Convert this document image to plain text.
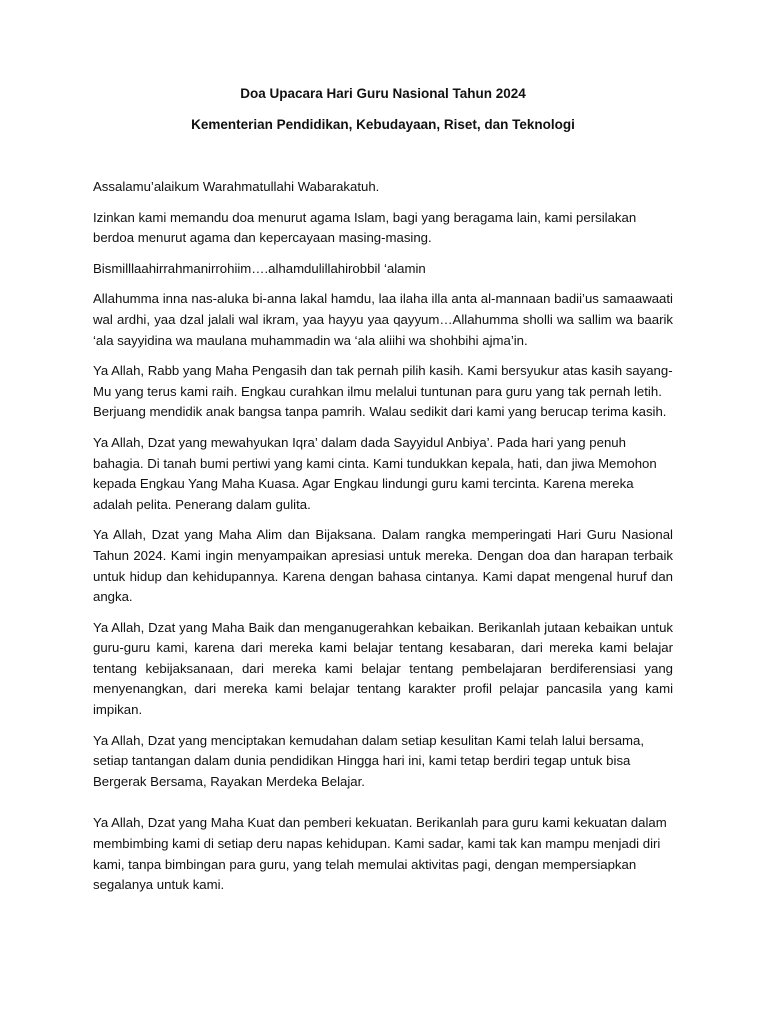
Doa Upacara Hari Guru Nasional Tahun 2024

Kementerian Pendidikan, Kebudayaan, Riset, dan Teknologi

Assalamu’alaikum Warahmatullahi Wabarakatuh.

Izinkan kami memandu doa menurut agama Islam, bagi yang beragama lain, kami persilakan berdoa menurut agama dan kepercayaan masing-masing.

Bismilllaahirrahmanirrohiim….alhamdulillahirobbil ‘alamin

Allahumma inna nas-aluka bi-anna lakal hamdu, laa ilaha illa anta al-mannaan badii’us samaawaati wal ardhi, yaa dzal jalali wal ikram, yaa hayyu yaa qayyum…Allahumma sholli wa sallim wa baarik ‘ala sayyidina wa maulana muhammadin wa ‘ala aliihi wa shohbihi ajma’in.

Ya Allah, Rabb yang Maha Pengasih dan tak pernah pilih kasih. Kami bersyukur atas kasih sayang-Mu yang terus kami raih. Engkau curahkan ilmu melalui tuntunan para guru yang tak pernah letih. Berjuang mendidik anak bangsa tanpa pamrih. Walau sedikit dari kami yang berucap terima kasih.

Ya Allah, Dzat yang mewahyukan Iqra’ dalam dada Sayyidul Anbiya’. Pada hari yang penuh bahagia. Di tanah bumi pertiwi yang kami cinta. Kami tundukkan kepala, hati, dan jiwa Memohon kepada Engkau Yang Maha Kuasa. Agar Engkau lindungi guru kami tercinta. Karena mereka adalah pelita. Penerang dalam gulita.

Ya Allah, Dzat yang Maha Alim dan Bijaksana. Dalam rangka memperingati Hari Guru Nasional Tahun 2024. Kami ingin menyampaikan apresiasi untuk mereka. Dengan doa dan harapan terbaik untuk hidup dan kehidupannya. Karena dengan bahasa cintanya. Kami dapat mengenal huruf dan angka.

Ya Allah, Dzat yang Maha Baik dan menganugerahkan kebaikan. Berikanlah jutaan kebaikan untuk guru-guru kami, karena dari mereka kami belajar tentang kesabaran, dari mereka kami belajar tentang kebijaksanaan, dari mereka kami belajar tentang pembelajaran berdiferensiasi yang menyenangkan, dari mereka kami belajar tentang karakter profil pelajar pancasila yang kami impikan.

Ya Allah, Dzat yang menciptakan kemudahan dalam setiap kesulitan Kami telah lalui bersama, setiap tantangan dalam dunia pendidikan Hingga hari ini, kami tetap berdiri tegap untuk bisa Bergerak Bersama, Rayakan Merdeka Belajar.

Ya Allah, Dzat yang Maha Kuat dan pemberi kekuatan. Berikanlah para guru kami kekuatan dalam membimbing kami di setiap deru napas kehidupan. Kami sadar, kami tak kan mampu menjadi diri kami, tanpa bimbingan para guru, yang telah memulai aktivitas pagi, dengan mempersiapkan segalanya untuk kami.
